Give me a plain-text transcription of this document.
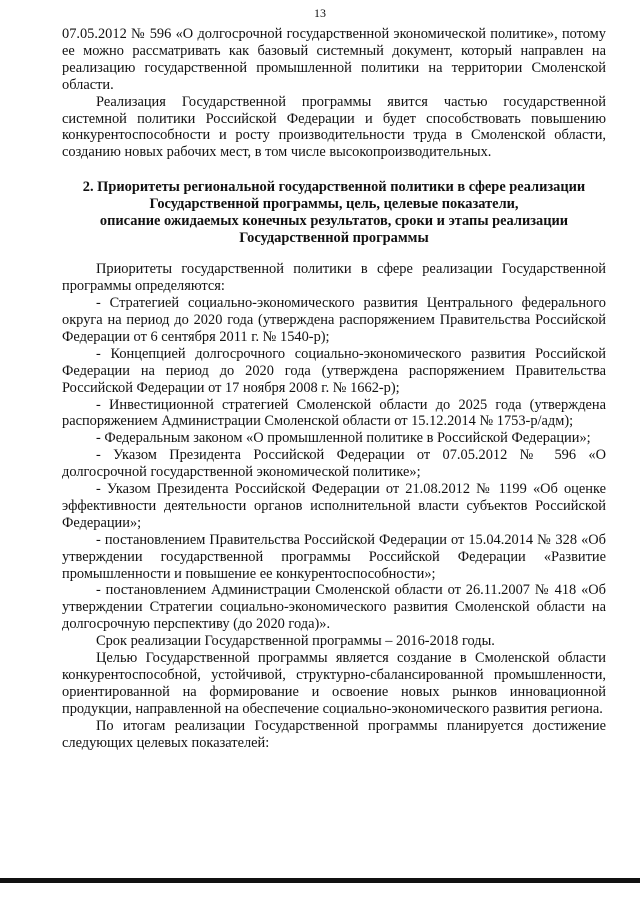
13

07.05.2012 № 596 «О долгосрочной государственной экономической политике», потому ее можно рассматривать как базовый системный документ, который направлен на реализацию государственной промышленной политики на территории Смоленской области.

Реализация Государственной программы явится частью государственной системной политики Российской Федерации и будет способствовать повышению конкурентоспособности и росту производительности труда в Смоленской области, созданию новых рабочих мест, в том числе высокопроизводительных.

2. Приоритеты региональной государственной политики в сфере реализации
Государственной программы, цель, целевые показатели,
описание ожидаемых конечных результатов, сроки и этапы реализации
Государственной программы

Приоритеты государственной политики в сфере реализации Государственной программы определяются:

- Стратегией социально-экономического развития Центрального федерального округа на период до 2020 года (утверждена распоряжением Правительства Российской Федерации от 6 сентября 2011 г. № 1540-р);

- Концепцией долгосрочного социально-экономического развития Российской Федерации на период до 2020 года (утверждена распоряжением Правительства Российской Федерации от 17 ноября 2008 г. № 1662-р);

- Инвестиционной стратегией Смоленской области до 2025 года (утверждена распоряжением Администрации Смоленской области от 15.12.2014 № 1753-р/адм);

- Федеральным законом «О промышленной политике в Российской Федерации»;

- Указом Президента Российской Федерации от 07.05.2012 № 596 «О долгосрочной государственной экономической политике»;

- Указом Президента Российской Федерации от 21.08.2012 № 1199 «Об оценке эффективности деятельности органов исполнительной власти субъектов Российской Федерации»;

- постановлением Правительства Российской Федерации от 15.04.2014 № 328 «Об утверждении государственной программы Российской Федерации «Развитие промышленности и повышение ее конкурентоспособности»;

- постановлением Администрации Смоленской области от 26.11.2007 № 418 «Об утверждении Стратегии социально-экономического развития Смоленской области на долгосрочную перспективу (до 2020 года)».

Срок реализации Государственной программы – 2016-2018 годы.

Целью Государственной программы является создание в Смоленской области конкурентоспособной, устойчивой, структурно-сбалансированной промышленности, ориентированной на формирование и освоение новых рынков инновационной продукции, направленной на обеспечение социально-экономического развития региона.

По итогам реализации Государственной программы планируется достижение следующих целевых показателей:
